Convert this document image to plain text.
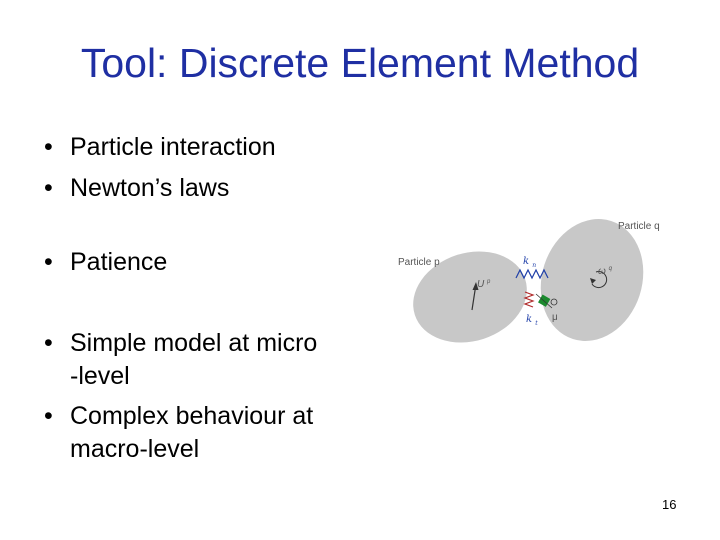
Tool: Discrete Element Method
• Particle interaction
• Newton’s laws
• Patience
• Simple model at micro
-level
• Complex behaviour at
macro-level
Particle p
Particle q
U $^p$
ω $^q$
k $_n$
k $_t$
μ
16
